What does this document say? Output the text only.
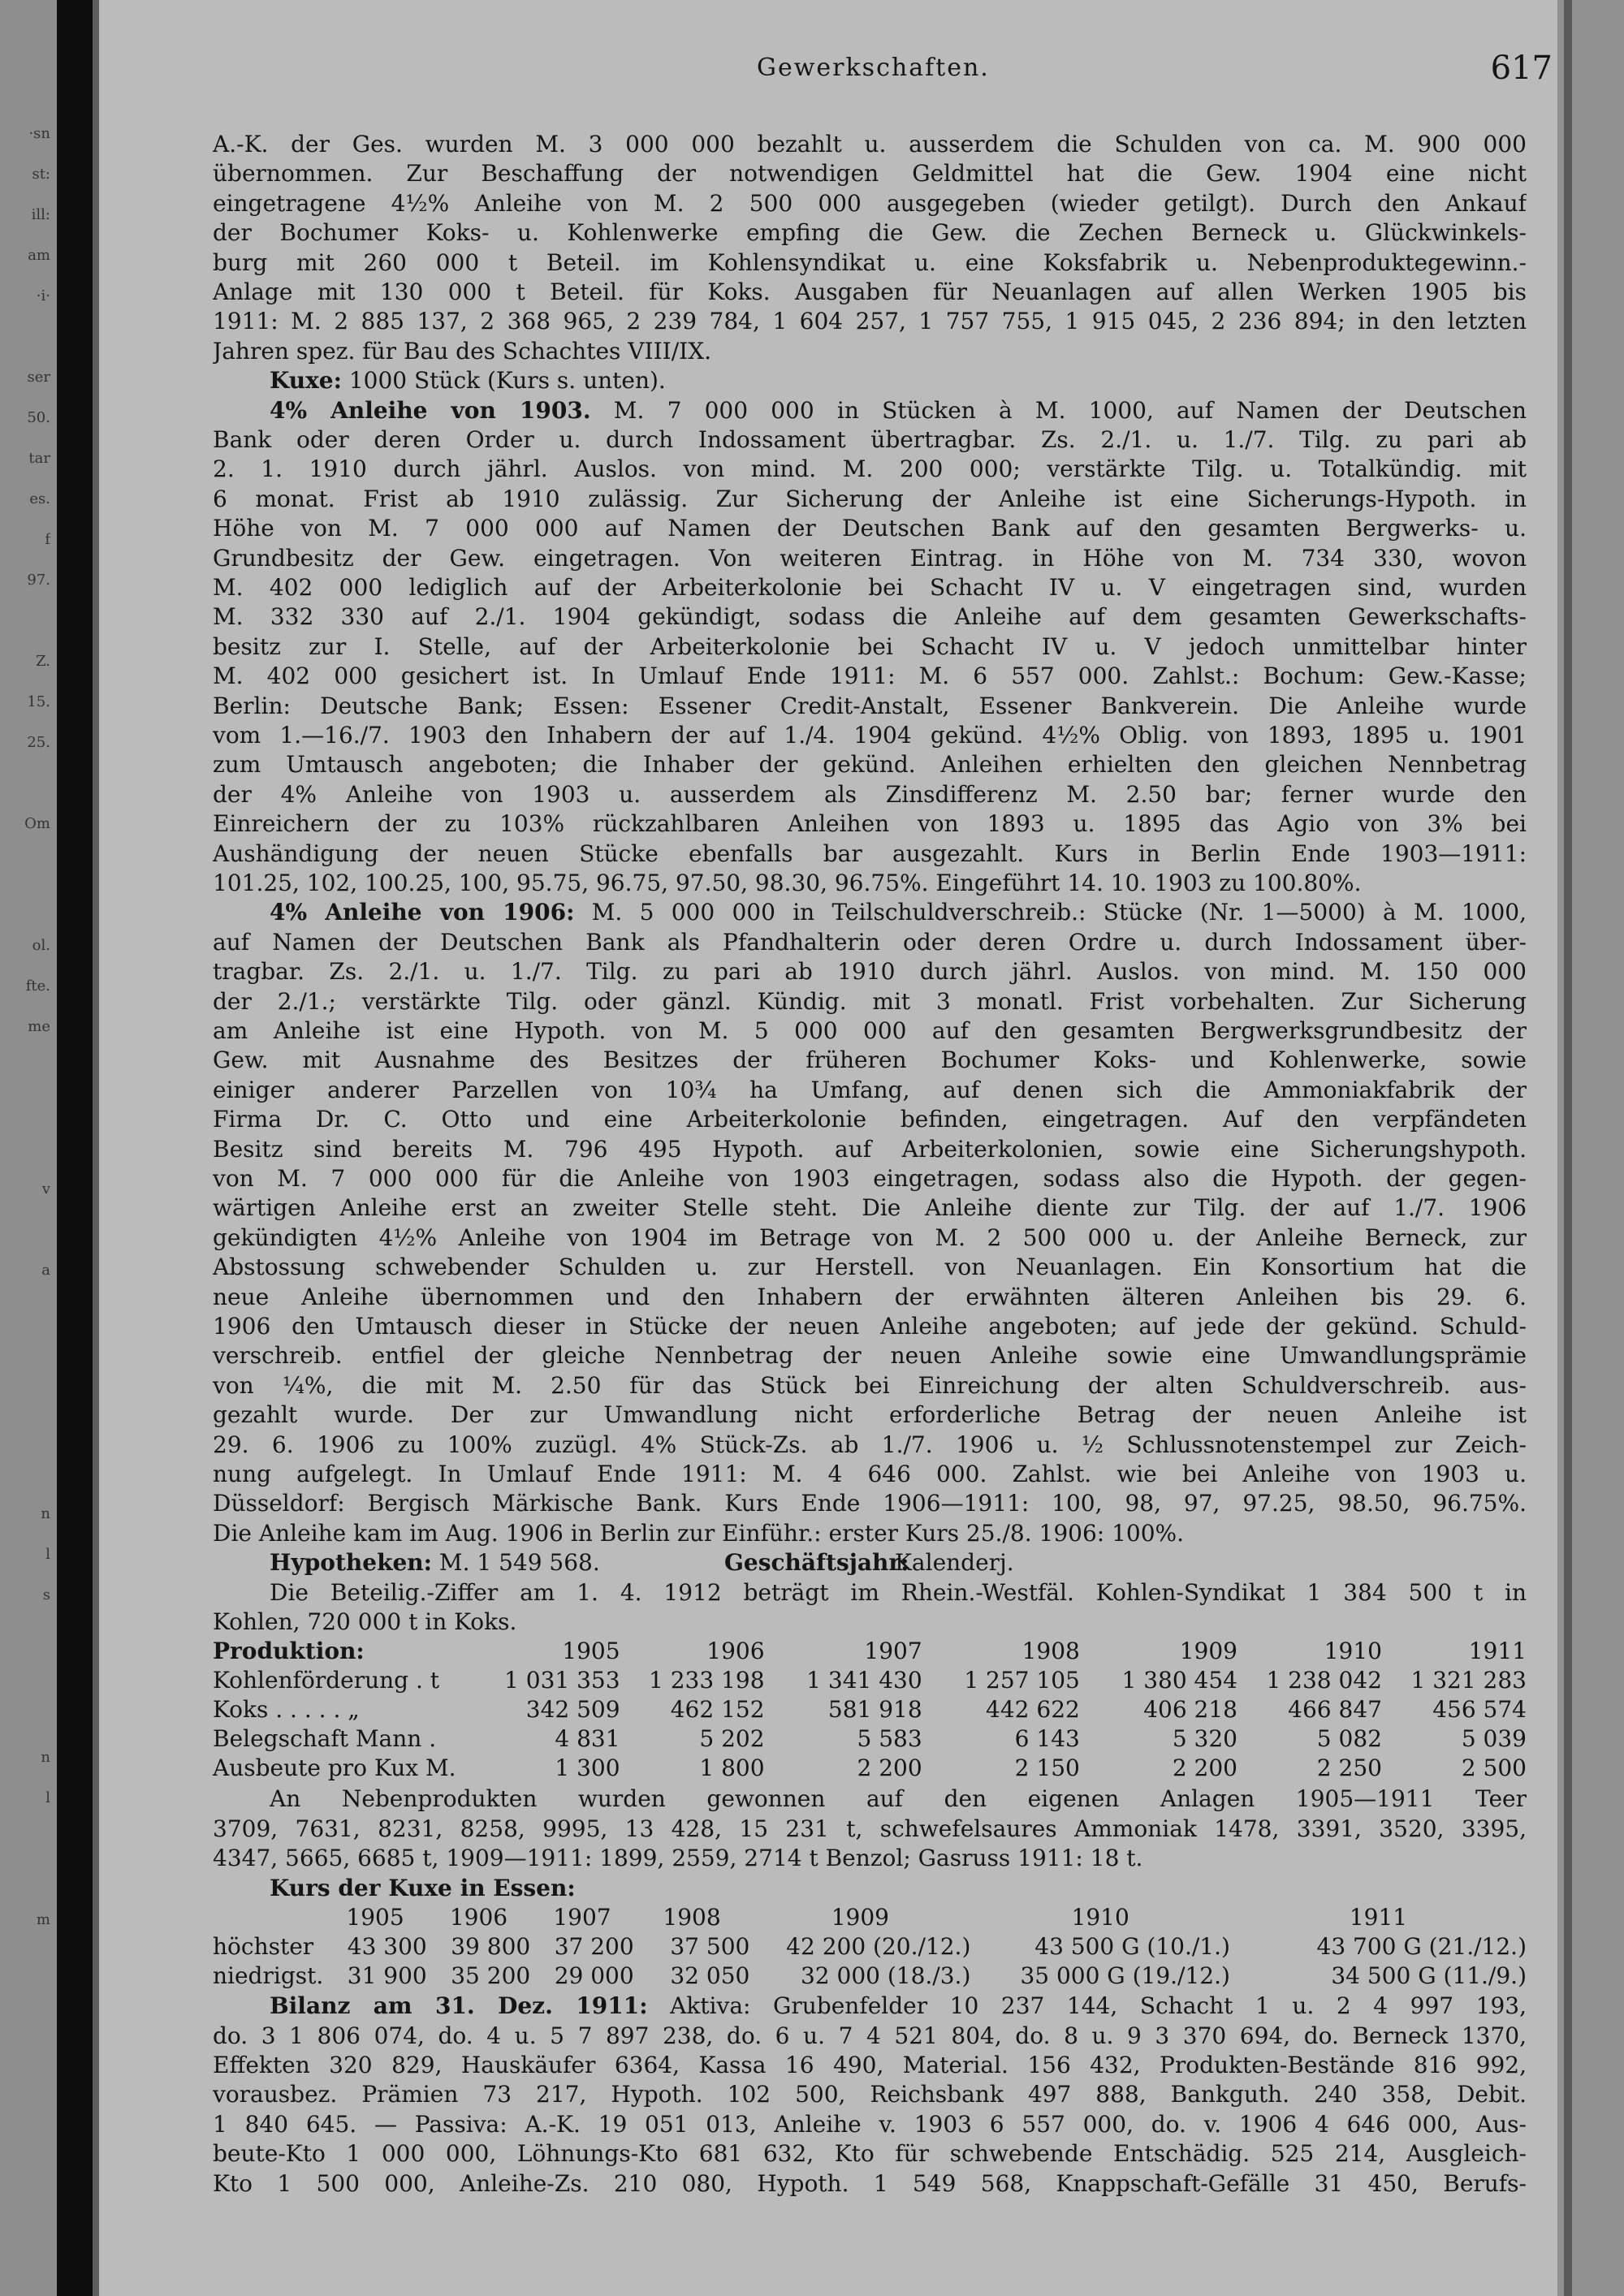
·sn
st:
ill:
am
·i·
ser
50.
tar
es.
f
97.
Z.
15.
25.
Om
ol.
fte.
me
v
a
n
l
s
n
l
m
Gewerkschaften.	617
A.-K. der Ges. wurden M. 3 000 000 bezahlt u. ausserdem die Schulden von ca. M. 900 000
übernommen. Zur Beschaffung der notwendigen Geldmittel hat die Gew. 1904 eine nicht
eingetragene 4½% Anleihe von M. 2 500 000 ausgegeben (wieder getilgt). Durch den Ankauf
der Bochumer Koks- u. Kohlenwerke empfing die Gew. die Zechen Berneck u. Glückwinkels-
burg mit 260 000 t Beteil. im Kohlensyndikat u. eine Koksfabrik u. Nebenproduktegewinn.-
Anlage mit 130 000 t Beteil. für Koks. Ausgaben für Neuanlagen auf allen Werken 1905 bis
1911: M. 2 885 137, 2 368 965, 2 239 784, 1 604 257, 1 757 755, 1 915 045, 2 236 894; in den letzten
Jahren spez. für Bau des Schachtes VIII/IX.
Kuxe: 1000 Stück (Kurs s. unten).
4% Anleihe von 1903. M. 7 000 000 in Stücken à M. 1000, auf Namen der Deutschen
Bank oder deren Order u. durch Indossament übertragbar. Zs. 2./1. u. 1./7. Tilg. zu pari ab
2. 1. 1910 durch jährl. Auslos. von mind. M. 200 000; verstärkte Tilg. u. Totalkündig. mit
6 monat. Frist ab 1910 zulässig. Zur Sicherung der Anleihe ist eine Sicherungs-Hypoth. in
Höhe von M. 7 000 000 auf Namen der Deutschen Bank auf den gesamten Bergwerks- u.
Grundbesitz der Gew. eingetragen. Von weiteren Eintrag. in Höhe von M. 734 330, wovon
M. 402 000 lediglich auf der Arbeiterkolonie bei Schacht IV u. V eingetragen sind, wurden
M. 332 330 auf 2./1. 1904 gekündigt, sodass die Anleihe auf dem gesamten Gewerkschafts-
besitz zur I. Stelle, auf der Arbeiterkolonie bei Schacht IV u. V jedoch unmittelbar hinter
M. 402 000 gesichert ist. In Umlauf Ende 1911: M. 6 557 000. Zahlst.: Bochum: Gew.-Kasse;
Berlin: Deutsche Bank; Essen: Essener Credit-Anstalt, Essener Bankverein. Die Anleihe wurde
vom 1.—16./7. 1903 den Inhabern der auf 1./4. 1904 gekünd. 4½% Oblig. von 1893, 1895 u. 1901
zum Umtausch angeboten; die Inhaber der gekünd. Anleihen erhielten den gleichen Nennbetrag
der 4% Anleihe von 1903 u. ausserdem als Zinsdifferenz M. 2.50 bar; ferner wurde den
Einreichern der zu 103% rückzahlbaren Anleihen von 1893 u. 1895 das Agio von 3% bei
Aushändigung der neuen Stücke ebenfalls bar ausgezahlt. Kurs in Berlin Ende 1903—1911:
101.25, 102, 100.25, 100, 95.75, 96.75, 97.50, 98.30, 96.75%. Eingeführt 14. 10. 1903 zu 100.80%.
4% Anleihe von 1906: M. 5 000 000 in Teilschuldverschreib.: Stücke (Nr. 1—5000) à M. 1000,
auf Namen der Deutschen Bank als Pfandhalterin oder deren Ordre u. durch Indossament über-
tragbar. Zs. 2./1. u. 1./7. Tilg. zu pari ab 1910 durch jährl. Auslos. von mind. M. 150 000
der 2./1.; verstärkte Tilg. oder gänzl. Kündig. mit 3 monatl. Frist vorbehalten. Zur Sicherung
am Anleihe ist eine Hypoth. von M. 5 000 000 auf den gesamten Bergwerksgrundbesitz der
Gew. mit Ausnahme des Besitzes der früheren Bochumer Koks- und Kohlenwerke, sowie
einiger anderer Parzellen von 10¾ ha Umfang, auf denen sich die Ammoniakfabrik der
Firma Dr. C. Otto und eine Arbeiterkolonie befinden, eingetragen. Auf den verpfändeten
Besitz sind bereits M. 796 495 Hypoth. auf Arbeiterkolonien, sowie eine Sicherungshypoth.
von M. 7 000 000 für die Anleihe von 1903 eingetragen, sodass also die Hypoth. der gegen-
wärtigen Anleihe erst an zweiter Stelle steht. Die Anleihe diente zur Tilg. der auf 1./7. 1906
gekündigten 4½% Anleihe von 1904 im Betrage von M. 2 500 000 u. der Anleihe Berneck, zur
Abstossung schwebender Schulden u. zur Herstell. von Neuanlagen. Ein Konsortium hat die
neue Anleihe übernommen und den Inhabern der erwähnten älteren Anleihen bis 29. 6.
1906 den Umtausch dieser in Stücke der neuen Anleihe angeboten; auf jede der gekünd. Schuld-
verschreib. entfiel der gleiche Nennbetrag der neuen Anleihe sowie eine Umwandlungsprämie
von ¼%, die mit M. 2.50 für das Stück bei Einreichung der alten Schuldverschreib. aus-
gezahlt wurde. Der zur Umwandlung nicht erforderliche Betrag der neuen Anleihe ist
29. 6. 1906 zu 100% zuzügl. 4% Stück-Zs. ab 1./7. 1906 u. ½ Schlussnotenstempel zur Zeich-
nung aufgelegt. In Umlauf Ende 1911: M. 4 646 000. Zahlst. wie bei Anleihe von 1903 u.
Düsseldorf: Bergisch Märkische Bank. Kurs Ende 1906—1911: 100, 98, 97, 97.25, 98.50, 96.75%.
Die Anleihe kam im Aug. 1906 in Berlin zur Einführ.: erster Kurs 25./8. 1906: 100%.
Hypotheken: M. 1 549 568.	Geschäftsjahr:
Kalenderj.
Die Beteilig.-Ziffer am 1. 4. 1912 beträgt im Rhein.-Westfäl. Kohlen-Syndikat 1 384 500 t in
Kohlen, 720 000 t in Koks.
Produktion:	1905	1906	1907	1908	1909	1910	1911
Kohlenförderung . t	1 031 353	1 233 198	1 341 430	1 257 105	1 380 454	1 238 042	1 321 283
Koks . . . . . „	342 509	462 152	581 918	442 622	406 218	466 847	456 574
Belegschaft Mann .	4 831	5 202	5 583	6 143	5 320	5 082	5 039
Ausbeute pro Kux M.	1 300	1 800	2 200	2 150	2 200	2 250	2 500
An Nebenprodukten wurden gewonnen auf den eigenen Anlagen 1905—1911 Teer
3709, 7631, 8231, 8258, 9995, 13 428, 15 231 t, schwefelsaures Ammoniak 1478, 3391, 3520, 3395,
4347, 5665, 6685 t, 1909—1911: 1899, 2559, 2714 t Benzol; Gasruss 1911: 18 t.
Kurs der Kuxe in Essen:
	1905	1906	1907	1908	1909	1910	1911
höchster	43 300	39 800	37 200	37 500	42 200 (20./12.)	43 500 G (10./1.)	43 700 G (21./12.)
niedrigst.	31 900	35 200	29 000	32 050	32 000 (18./3.)	35 000 G (19./12.)	34 500 G (11./9.)
Bilanz am 31. Dez. 1911: Aktiva: Grubenfelder 10 237 144, Schacht 1 u. 2 4 997 193,
do. 3 1 806 074, do. 4 u. 5 7 897 238, do. 6 u. 7 4 521 804, do. 8 u. 9 3 370 694, do. Berneck 1370,
Effekten 320 829, Hauskäufer 6364, Kassa 16 490, Material. 156 432, Produkten-Bestände 816 992,
vorausbez. Prämien 73 217, Hypoth. 102 500, Reichsbank 497 888, Bankguth. 240 358, Debit.
1 840 645. — Passiva: A.-K. 19 051 013, Anleihe v. 1903 6 557 000, do. v. 1906 4 646 000, Aus-
beute-Kto 1 000 000, Löhnungs-Kto 681 632, Kto für schwebende Entschädig. 525 214, Ausgleich-
Kto 1 500 000, Anleihe-Zs. 210 080, Hypoth. 1 549 568, Knappschaft-Gefälle 31 450, Berufs-
